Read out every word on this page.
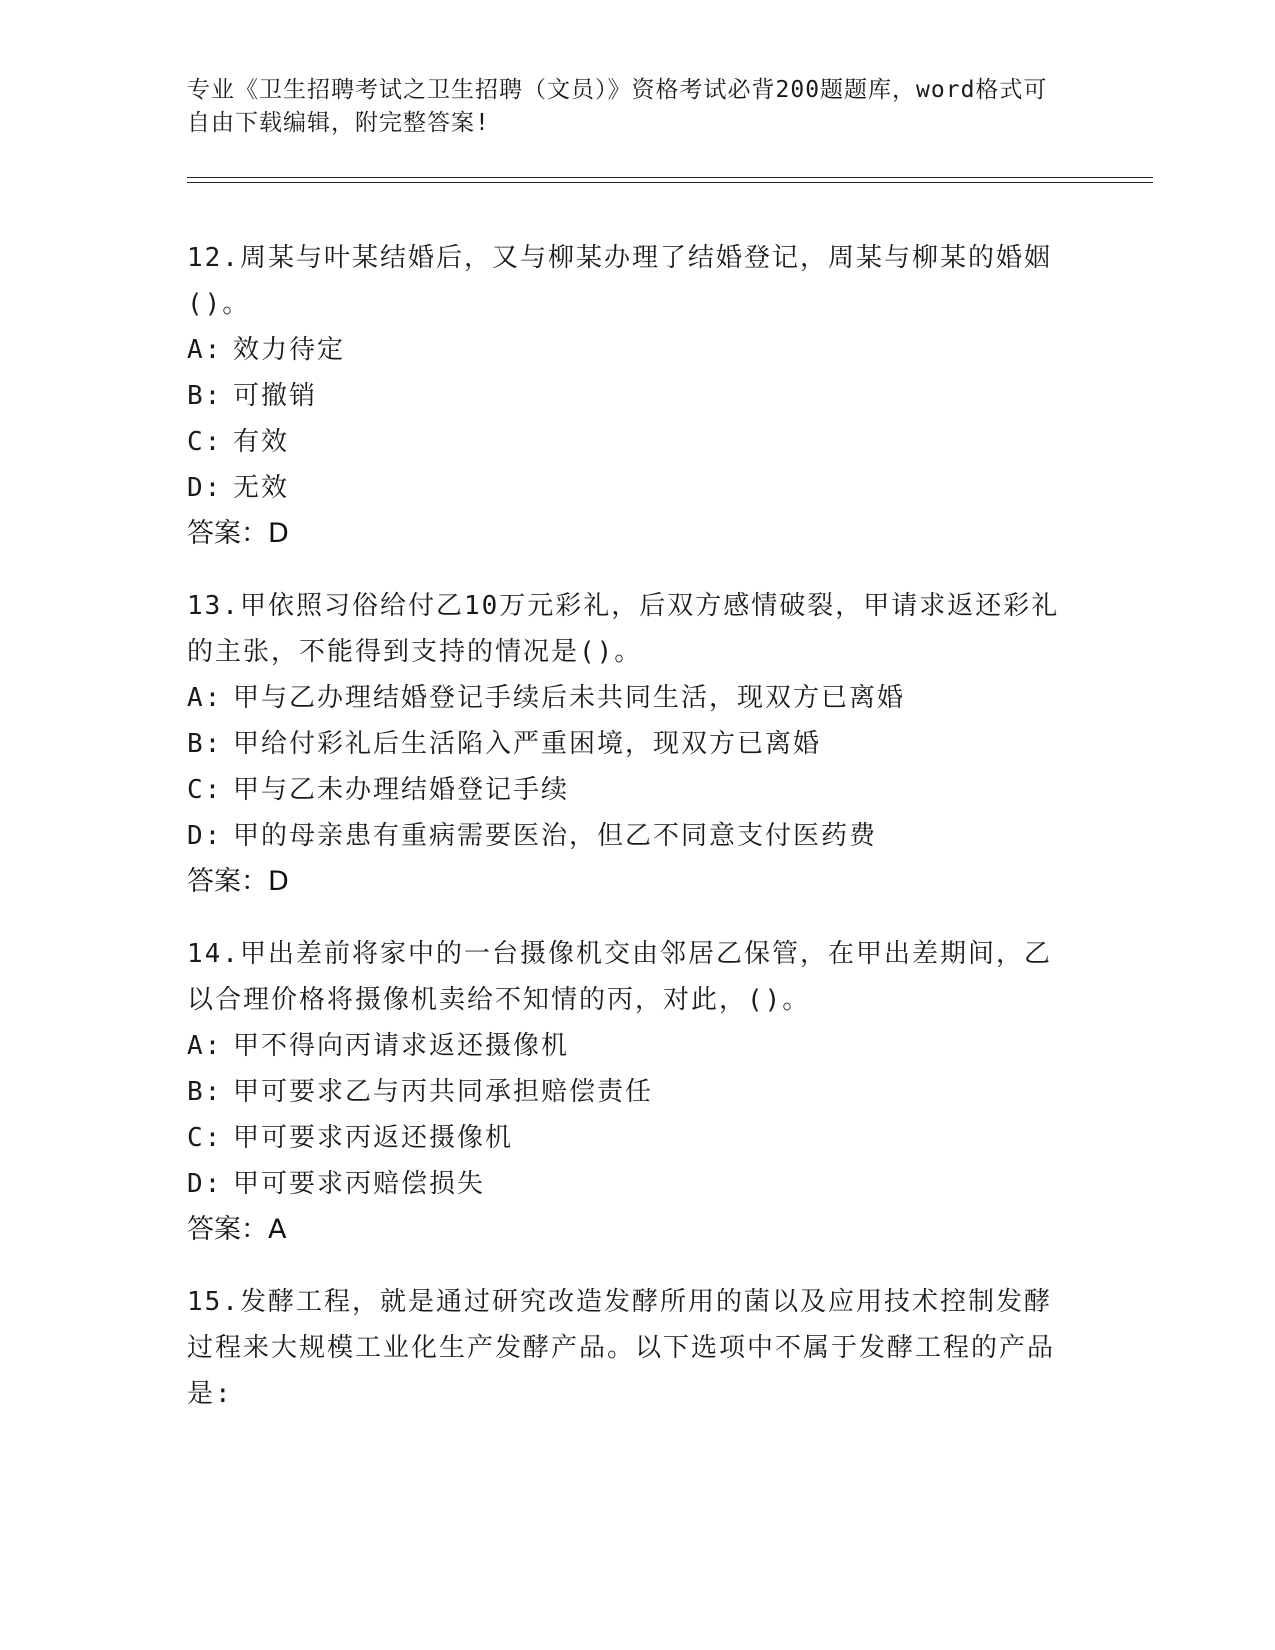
专业《卫生招聘考试之卫生招聘（文员）》资格考试必背200题题库，word格式可自由下载编辑，附完整答案!

12.周某与叶某结婚后，又与柳某办理了结婚登记，周某与柳某的婚姻()。

A: 效力待定

B: 可撤销

C: 有效

D: 无效

答案：D

13.甲依照习俗给付乙10万元彩礼，后双方感情破裂，甲请求返还彩礼的主张，不能得到支持的情况是()。

A: 甲与乙办理结婚登记手续后未共同生活，现双方已离婚

B: 甲给付彩礼后生活陷入严重困境，现双方已离婚

C: 甲与乙未办理结婚登记手续

D: 甲的母亲患有重病需要医治，但乙不同意支付医药费

答案：D

14.甲出差前将家中的一台摄像机交由邻居乙保管，在甲出差期间，乙以合理价格将摄像机卖给不知情的丙，对此，()。

A: 甲不得向丙请求返还摄像机

B: 甲可要求乙与丙共同承担赔偿责任

C: 甲可要求丙返还摄像机

D: 甲可要求丙赔偿损失

答案：A

15.发酵工程，就是通过研究改造发酵所用的菌以及应用技术控制发酵过程来大规模工业化生产发酵产品。以下选项中不属于发酵工程的产品是:
